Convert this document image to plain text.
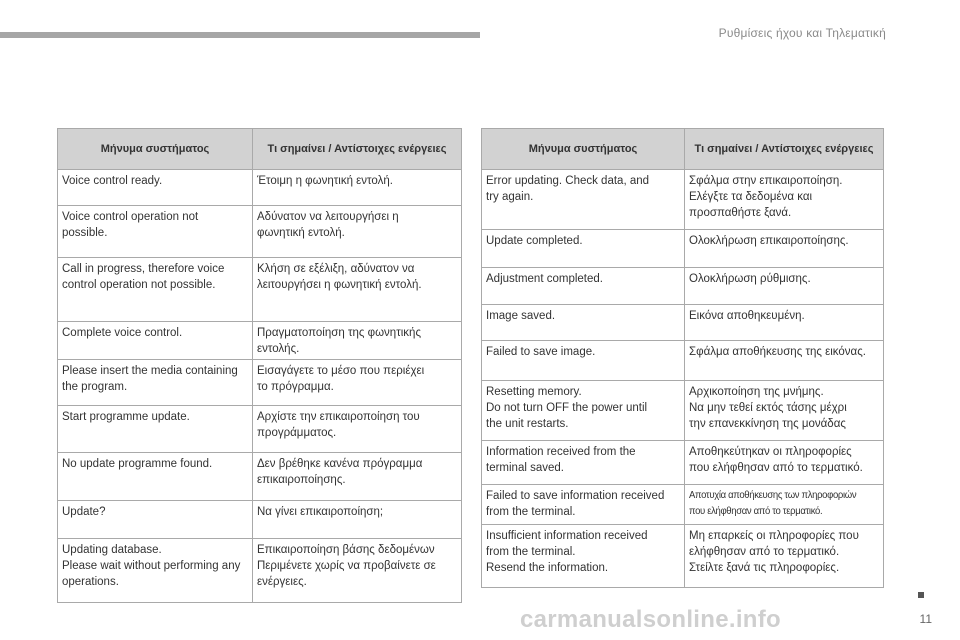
Ρυθμίσεις ήχου και Τηλεματική
Μήνυμα συστήματος	Τι σημαίνει / Αντίστοιχες ενέργειες

Voice control ready.	Έτοιμη η φωνητική εντολή.

Voice control operation not
possible.	Αδύνατον να λειτουργήσει η
φωνητική εντολή.

Call in progress, therefore voice
control operation not possible.	Κλήση σε εξέλιξη, αδύνατον να
λειτουργήσει η φωνητική εντολή.

Complete voice control.	Πραγματοποίηση της φωνητικής
εντολής.

Please insert the media containing
the program.	Εισαγάγετε το μέσο που περιέχει
το πρόγραμμα.

Start programme update.	Αρχίστε την επικαιροποίηση του
προγράμματος.

No update programme found.	Δεν βρέθηκε κανένα πρόγραμμα
επικαιροποίησης.

Update?	Να γίνει επικαιροποίηση;

Updating database.
Please wait without performing any
operations.	Επικαιροποίηση βάσης δεδομένων
Περιμένετε χωρίς να προβαίνετε σε
ενέργειες.
Μήνυμα συστήματος	Τι σημαίνει / Αντίστοιχες ενέργειες

Error updating. Check data, and
try again.	Σφάλμα στην επικαιροποίηση.
Ελέγξτε τα δεδομένα και
προσπαθήστε ξανά.

Update completed.	Ολοκλήρωση επικαιροποίησης.

Adjustment completed.	Ολοκλήρωση ρύθμισης.

Image saved.	Εικόνα αποθηκευμένη.

Failed to save image.	Σφάλμα αποθήκευσης της εικόνας.

Resetting memory.
Do not turn OFF the power until
the unit restarts.	Αρχικοποίηση της μνήμης.
Να μην τεθεί εκτός τάσης μέχρι
την επανεκκίνηση της μονάδας

Information received from the
terminal saved.	Αποθηκεύτηκαν οι πληροφορίες
που ελήφθησαν από το τερματικό.

Failed to save information received
from the terminal.	Αποτυχία αποθήκευσης των πληροφοριών
που ελήφθησαν από το τερματικό.

Insufficient information received
from the terminal.
Resend the information.	Μη επαρκείς οι πληροφορίες που
ελήφθησαν από το τερματικό.
Στείλτε ξανά τις πληροφορίες.
11
carmanualsonline.info
